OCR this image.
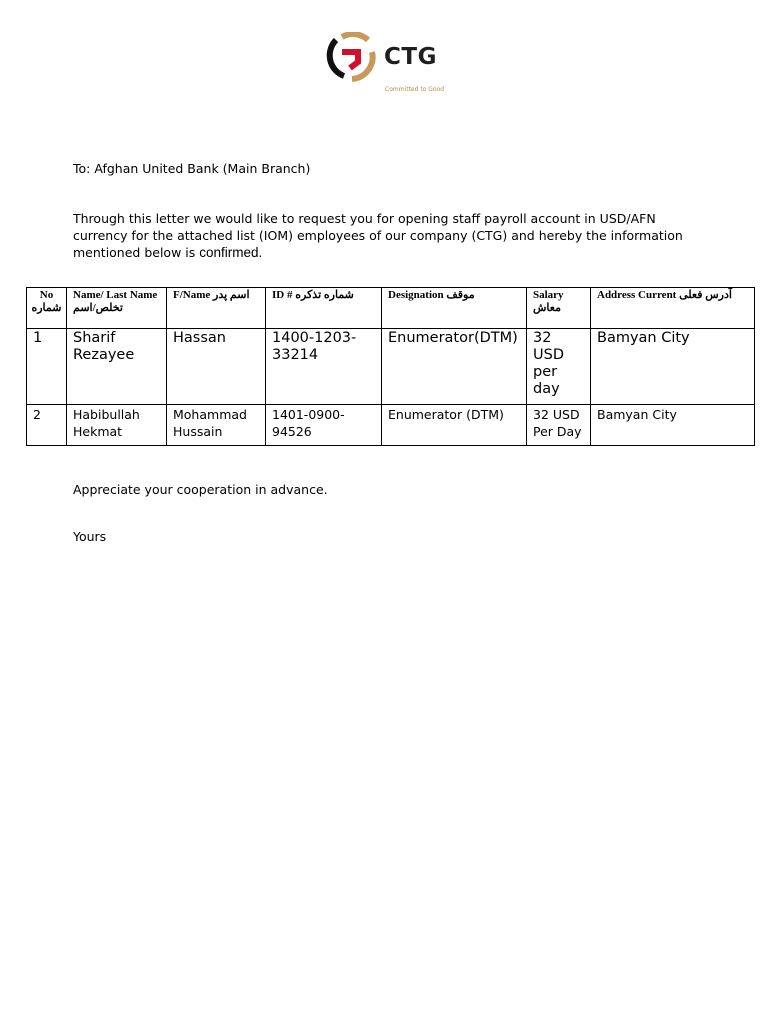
CTG
Committed to Good
To: Afghan United Bank (Main Branch)
Through this letter we would like to request you for opening staff payroll account in USD/AFN currency for the attached list (IOM) employees of our company (CTG) and hereby the information mentioned below is confirmed.
No شماره	Name/ Last Name تخلص/اسم	F/Name اسم پدر	ID # شماره تذکره	Designation موقف	Salary معاش	Address Current آدرس فعلی
1	Sharif Rezayee	Hassan	1400-1203-33214	Enumerator(DTM)	32 USD per day	Bamyan City
2	Habibullah Hekmat	Mohammad Hussain	1401-0900-94526	Enumerator (DTM)	32 USD Per Day	Bamyan City
Appreciate your cooperation in advance.
Yours
